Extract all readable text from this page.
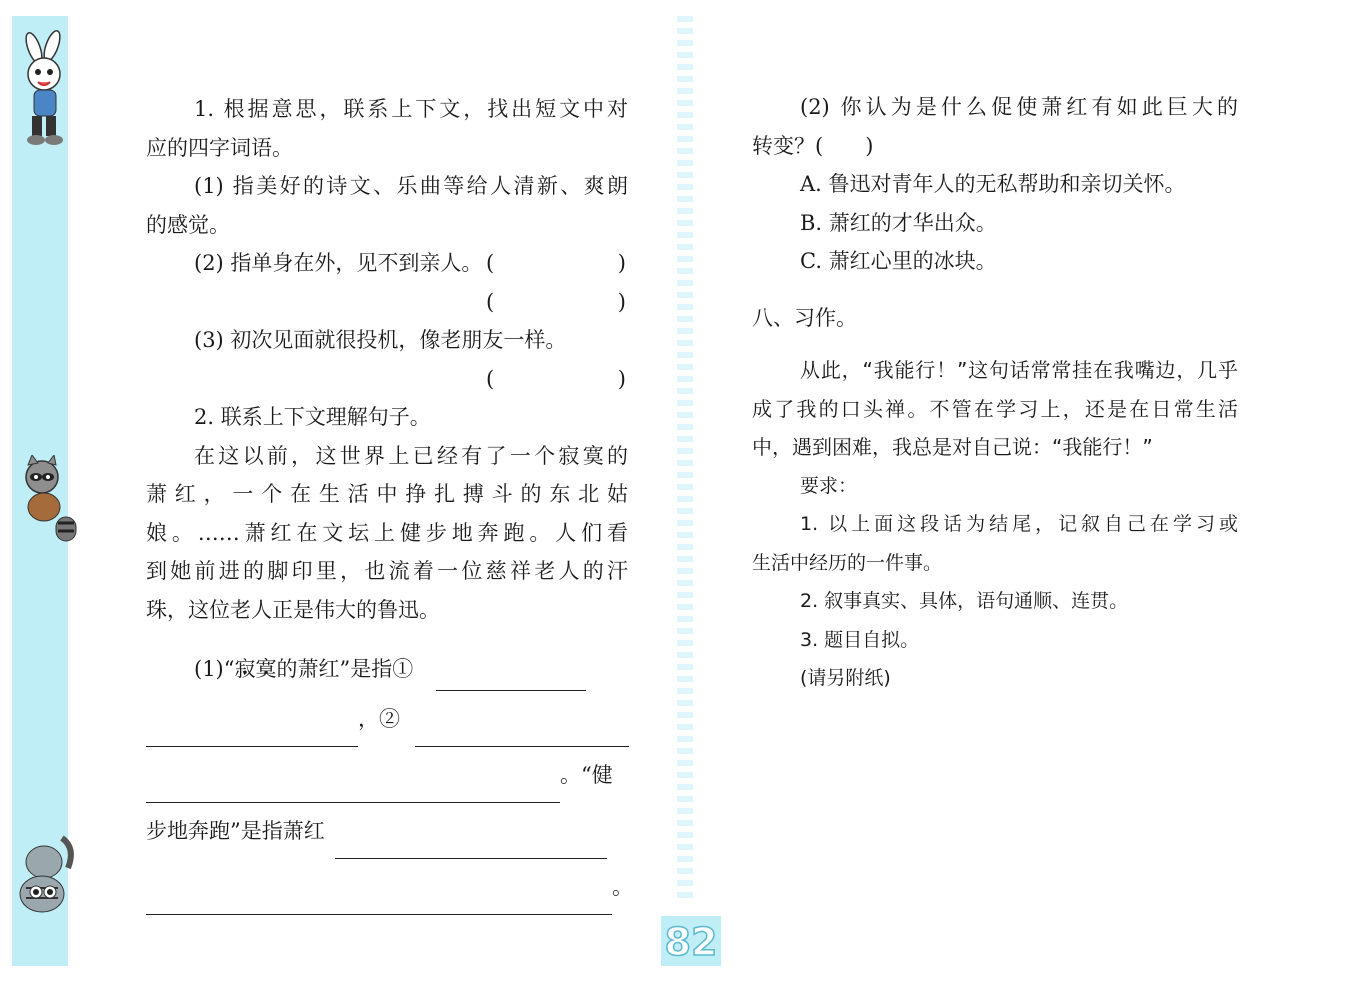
82
1. 根据意思，联系上下文，找出短文中对
应的四字词语。
(1) 指美好的诗文、乐曲等给人清新、爽朗
的感觉。
(	)
(2) 指单身在外，见不到亲人。
(	)
(3) 初次见面就很投机，像老朋友一样。
(	)
2. 联系上下文理解句子。
在这以前，这世界上已经有了一个寂寞的
萧红，一个在生活中挣扎搏斗的东北姑
娘。……萧红在文坛上健步地奔跑。人们看
到她前进的脚印里，也流着一位慈祥老人的汗
珠，这位老人正是伟大的鲁迅。
(1)“寂 •寞 •的萧红”是指①
，②
。“健
步地奔跑”是指萧红
。
(2) 你认为是什么促使萧红有如此巨大的
转变？(　　)
A. 鲁迅对青年人的无私帮助和亲切关怀。
B. 萧红的才华出众。
C. 萧红心里的冰块。
八、习作。
从此，“我能行！”这句话常常挂在我嘴边，几乎
成了我的口头禅。不管在学习上，还是在日常生活
中，遇到困难，我总是对自己说：“我能行！”
要求：
1. 以上面这段话为结尾，记叙自己在学习或
生活中经历的一件事。
2. 叙事真实、具体，语句通顺、连贯。
3. 题目自拟。
(请另附纸)
